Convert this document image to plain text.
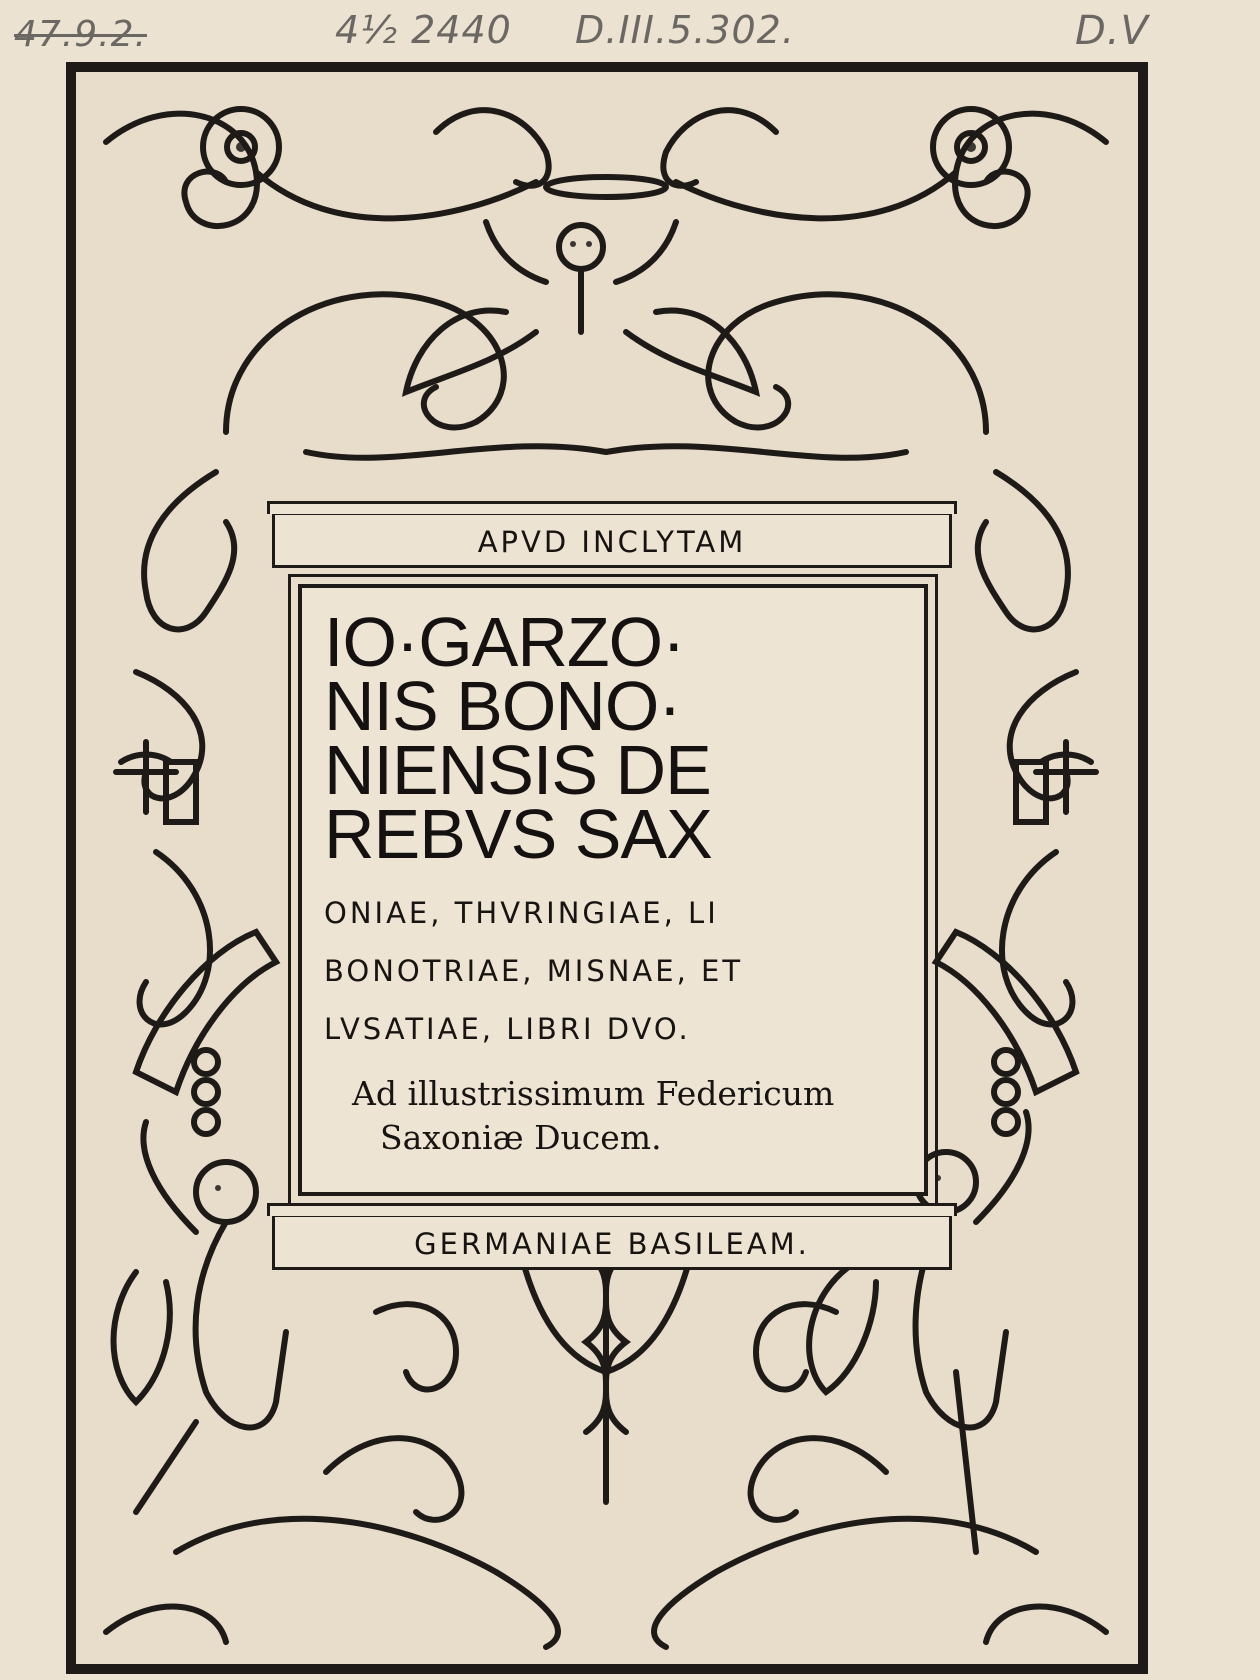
47.9.2.	4½ 2440 D.III.5.302.	D.V
APVD INCLYTAM
IO·GARZO·
NIS BONO·
NIENSIS DE
REBVS SAX
ONIAE, THVRINGIAE, LI
BONOTRIAE, MISNAE, ET
LVSATIAE, LIBRI DVO.
Ad illustrissimum Federicum
Saxoniæ Ducem.
GERMANIAE BASILEAM.
